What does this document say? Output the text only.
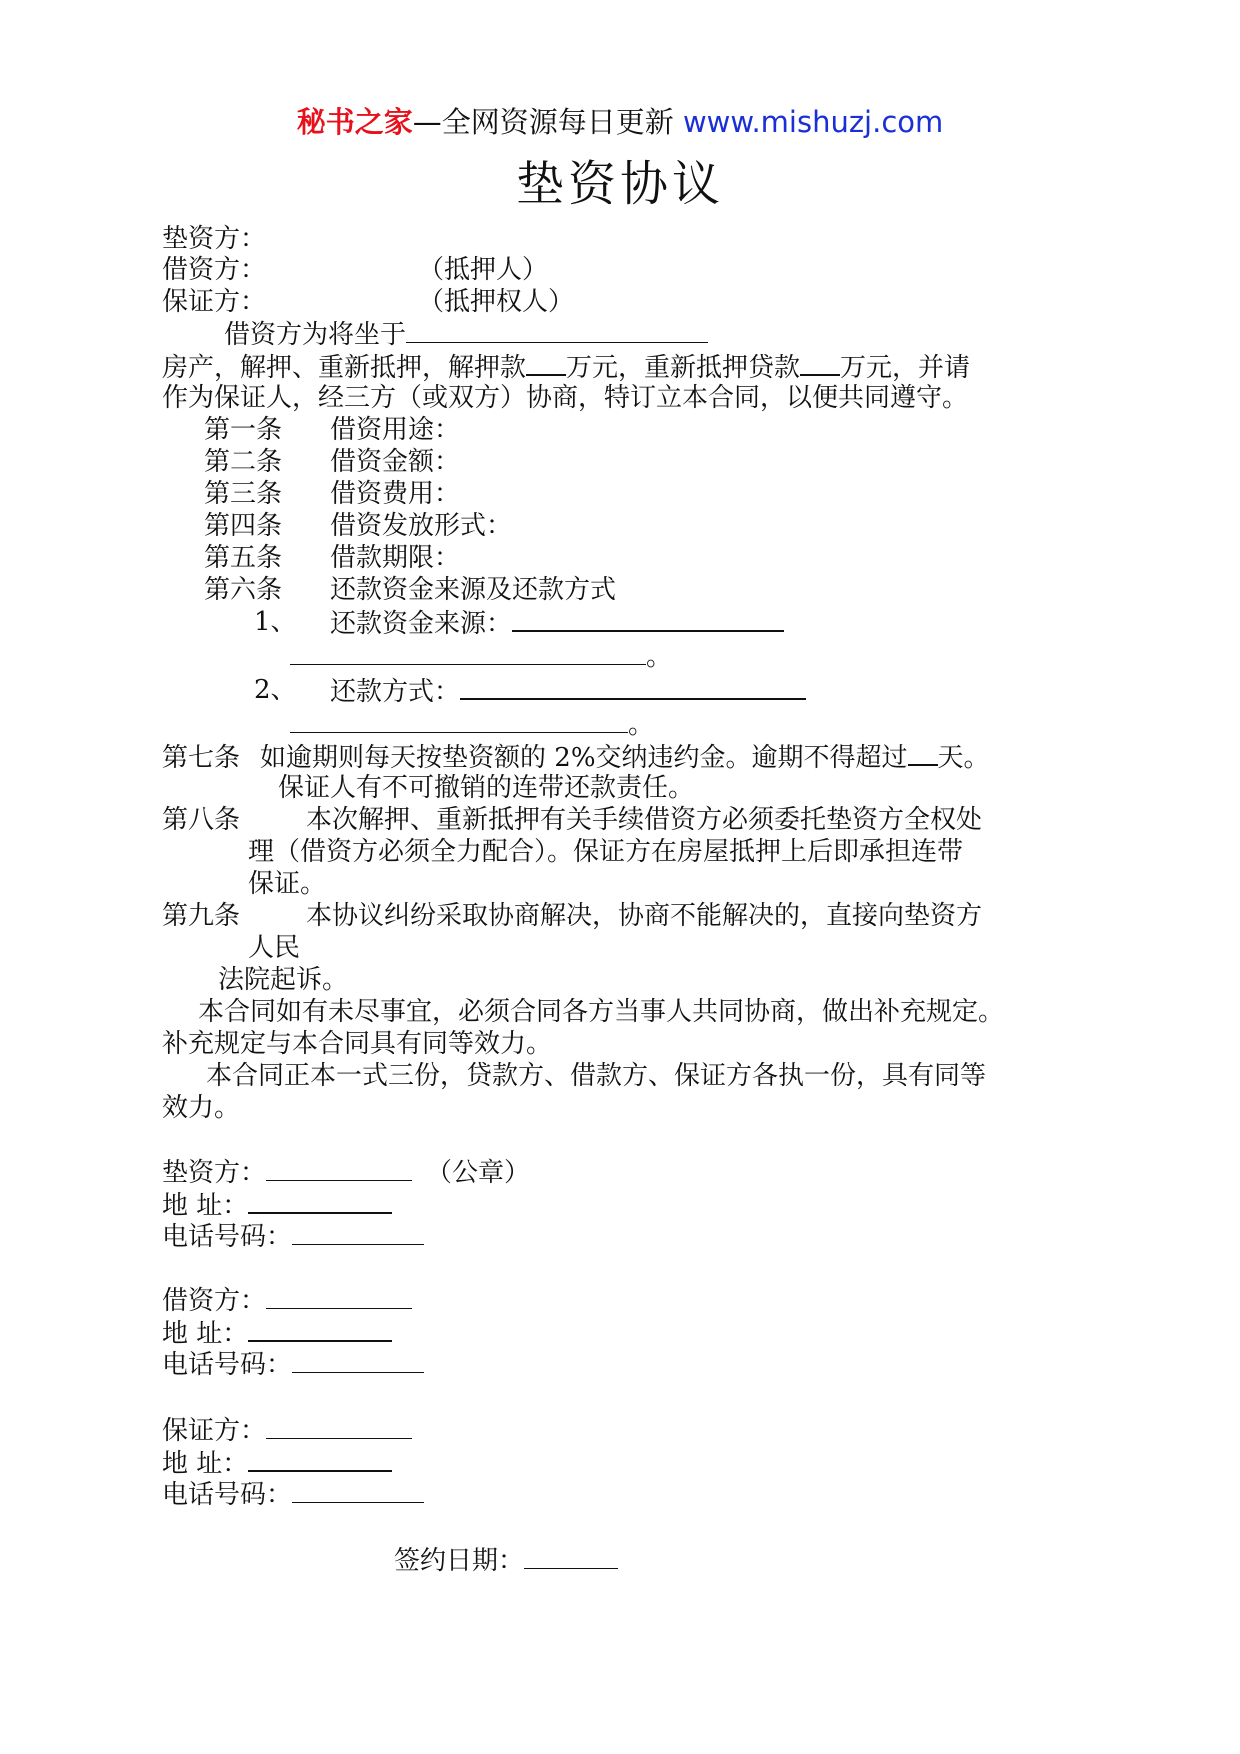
秘书之家—全网资源每日更新 www.mishuzj.com
垫资协议
垫资方：
借资方：	（抵押人）
保证方：	（抵押权人）
借资方为将坐于
房产，解押、重新抵押，解押款 万元，重新抵押贷款 万元，并请
作为保证人，经三方（或双方）协商，特订立本合同，以便共同遵守。
第一条 借资用途：
第二条 借资金额：
第三条 借资费用：
第四条 借资发放形式：
第五条 借款期限：
第六条 还款资金来源及还款方式
1、 还款资金来源：
。
2、 还款方式：
。
第七条 如逾期则每天按垫资额的 2%交纳违约金。逾期不得超过 天。
保证人有不可撤销的连带还款责任。
第八条	本次解押、重新抵押有关手续借资方必须委托垫资方全权处
理（借资方必须全力配合）。保证方在房屋抵押上后即承担连带
保证。
第九条	本协议纠纷采取协商解决，协商不能解决的，直接向垫资方
人民
法院起诉。
本合同如有未尽事宜，必须合同各方当事人共同协商，做出补充规定。
补充规定与本合同具有同等效力。
本合同正本一式三份，贷款方、借款方、保证方各执一份，具有同等
效力。
垫资方：	（公章）
地 址：
电话号码：
借资方：
地 址：
电话号码：
保证方：
地 址：
电话号码：
签约日期：
